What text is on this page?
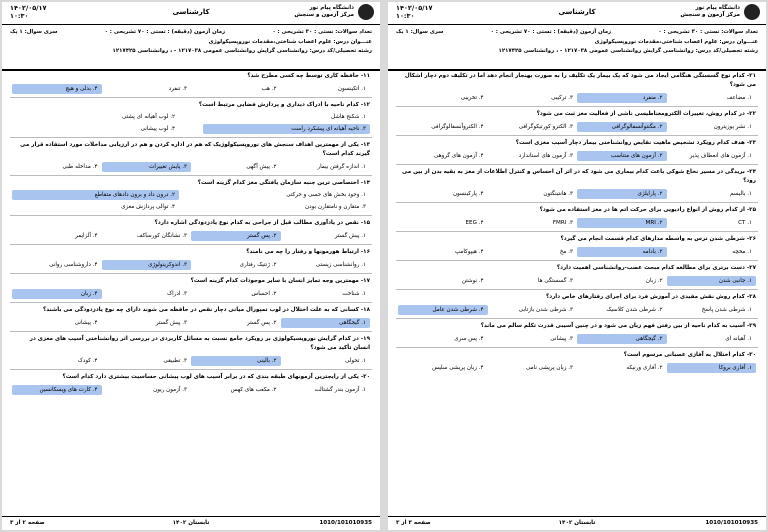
۱۴۰۲/۰۵/۱۷
۱۰:۳۰	کارشناسی	دانشگاه پیام نور
مرکز آزمون و سنجش
تعداد سوالات: تستی : ۳۰ تشریحی : ۰
زمان آزمون (دقیقه) : تستی : ۷۰ تشریحی : ۰
سری سوال: ۱ یک
عنـــوان درس: علوم اعصاب شناختی،مقدمات نوروپسیکولوژی
رشته تحصیلی/کد درس: روانشناسی گرایش روانشناسی عمومی ۱۲۱۷۰۳۸ - ، روانشناسی ۱۲۱۷۴۲۵
۱۱- حافظه کاری توسط چه کسی مطرح شد؟
۱. اتکینسون
۲. هب
۳. تنفرد
۴. بدلی و هیچ
۱۲- کدام ناحیه با ادراک دیداری و پردازش فضایی مرتبط است؟
۱. شکنج هاشل
۲. لوب آهیانه ای پشتی
۳. ناحیه آهیانه ای پیشکرد راست
۴. لوب پیشانی
۱۳- یکی از مهمترین اهداف سنجش های نوروپسیکولوژیک که هم در اداره کردن و هم در ارزیابی مداخلات مورد استفاده قرار می گیرند کدام است؟
۱. اندازه گرفتن بیمار
۲. پیش آگهی
۳. پایش تغییرات
۴. مداخله طبی
۱۴- اختصاصی ترین جنبه سازمان یافتگی مغز کدام گزینه است؟
۱. وجود بخش های حسی و حرکتی
۲. درون داد و برون دادهای متقاطع
۳. متقارن و نامتقارن بودن
۴. توالی پردازش مغزی
۱۵- نقص در یادآوری مطالب قبل از جراحی به کدام نوع یادزدودگی اشاره دارد؟
۱. پیش گستر
۲. پس گستر
۳. نشانگان کورساکف
۴. آلزایمر
۱۶- ارتباط هورمونها و رفتار را چه می نامند؟
۱. روانشناسی زیستی
۲. ژنتیک رفتاری
۳. اندوکرینولوژی
۴. داروشناسی روانی
۱۷- مهمترین وجه تمایز انسان با سایر موجودات کدام گزینه است؟
۱. شناخت
۲. احساس
۳. ادراک
۴. زبان
۱۸- کسانی که به علت اختلال در لوب تمپورال میانی دچار نقص در حافظه می شوند دارای چه نوع یادزدودگی می باشند؟
۱. گیجگاهی
۲. پس گستر
۳. پیش گستر
۴. پیشانی
۱۹- در کدام گرایش نوروپسیکولوژی بر رویکرد جامع نسبت به مسائل کاربردی در بررسی اثر روانشناختی آسیب های مغزی در انسان تأکید می شود؟
۱. تحولی
۲. بالینی
۳. تطبیقی
۴. کودک
۲۰- یکی از رایجترین آزمونهای طبقه بندی که در برابر آسیب های لوب پیشانی حساسیت بیشتری دارد کدام است؟
۱. آزمون بندر گشتالت
۲. مکعب های کهس
۳. آزمون ریون
۴. کارت های ویسکانسین
صفحه ۲ از ۳	تابستان ۱۴۰۲	1010/101010935
۱۴۰۲/۰۵/۱۷
۱۰:۳۰	کارشناسی	دانشگاه پیام نور
مرکز آزمون و سنجش
تعداد سوالات: تستی : ۳۰ تشریحی : ۰
زمان آزمون (دقیقه) : تستی : ۷۰ تشریحی : ۰
سری سوال: ۱ یک
عنـــوان درس: علوم اعصاب شناختی،مقدمات نوروپسیکولوژی
رشته تحصیلی/کد درس: روانشناسی گرایش روانشناسی عمومی ۱۲۱۷۰۳۸ - ، روانشناسی ۱۲۱۷۴۲۵
۲۱- کدام نوع گسستگی هنگامی ایجاد می شود که یک بیمار یک تکلیف را به صورت بهنجار انجام دهد اما در تکلیف دوم دچار اشکال می شود؟
۱. مضاعف
۲. منفرد
۳. ترکیبی
۴. تخریبی
۲۲- در کدام روش، تغییرات الکترومغناطیسی ناشی از فعالیت مغز ثبت می شود؟
۱. نشر پوزیترون
۲. مگنتوآنسفالوگرافی
۳. الکترو کورتیکوگرافی
۴. الکتروآنسفالوگرافی
۲۳- هدف کدام رویکرد تشخیص ماهیت نقایص روانشناختی بیمار دچار آسیب مغزی است؟
۱. آزمون های انعطاف پذیر
۲. آزمون های متناسب
۳. آزمون های استاندارد
۴. آزمون های گروهی
۲۴- بریدگی در مسیر نخاع شوکی باعث کدام بیماری می شود که در اثر آن احساس و کنترل اطلاعات از مغز به بقیه بدن از بین می رود؟
۱. بالیسم
۲. پارایلژی
۳. هانتینگتون
۴. پارکینسون
۲۵- از کدام روش از انواع رادیویی برای حرکت اتم ها در مغز استفاده می شود؟
۱. CT
۲. MRI
۳. FMRI
۴. EEG
۲۶- شرطی شدن ترس به واسطه مدارهای کدام قسمت انجام می گیرد؟
۱. مخچه
۲. بادامه
۳. مخ
۴. هیپوکامپ
۲۷- دست برتری برای مطالعه کدام مبحث عصب-روانشناسی اهمیت دارد؟
۱. جانبی شدن
۲. زبان
۳. گسستگی ها
۴. نوشتن
۲۸- کدام روش نقش مفیدی در آموزش فرد برای اجرای رفتارهای خاص دارد؟
۱. شرطی شدن پاسخ
۲. شرطی شدن کلاسیک
۳. شرطی شدن بازتابی
۴. شرطی شدن عامل
۲۹- آسیب به کدام ناحیه از بین رفتن فهم زبان می شود و در چنین آسیبی قدرت تکلم سالم می ماند؟
۱. آهیانه ای
۲. گیجگاهی
۳. پیشانی
۴. پس سری
۳۰- کدام اختلال به آفازی عصبانی مرسوم است؟
۱. آفازی بروکا
۲. آفازی ورنیکه
۳. زبان پریشی نامی
۴. زبان پریشی سلیس
صفحه ۳ از ۳	تابستان ۱۴۰۲	1010/101010935
